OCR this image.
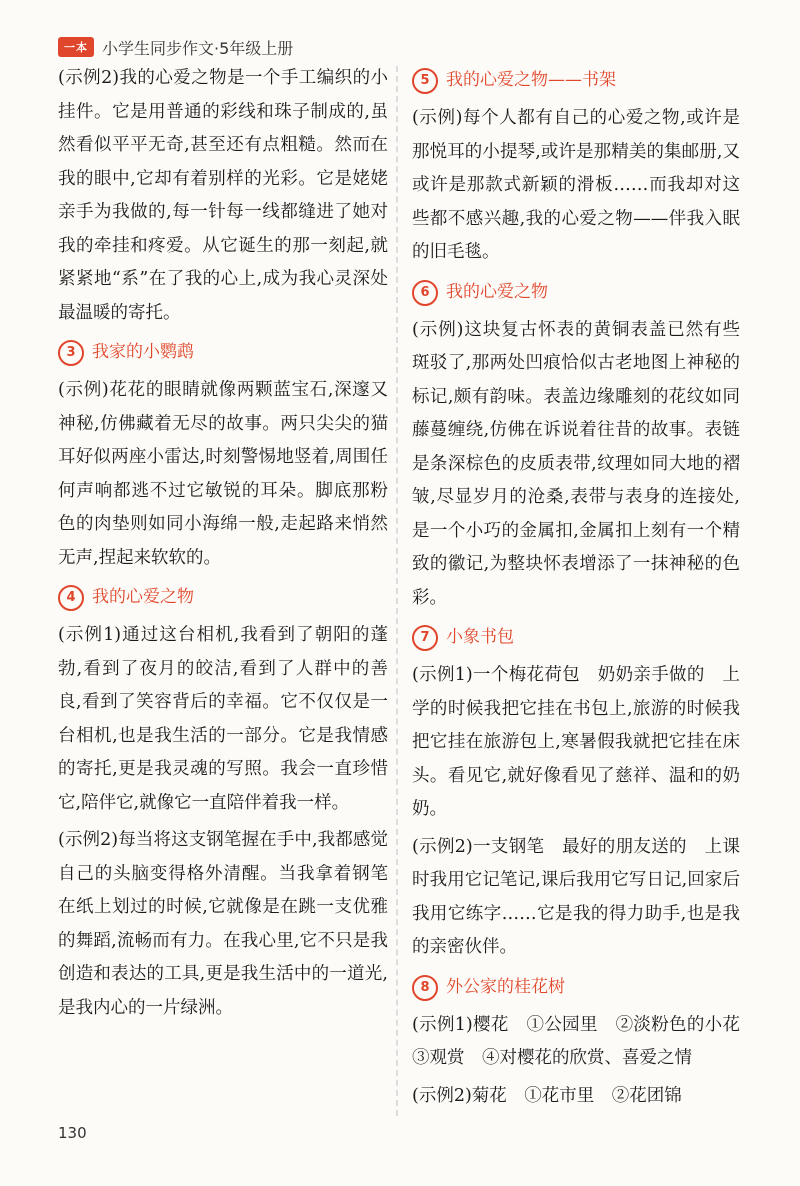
一本 小学生同步作文·5年级上册

(示例2)我的心爱之物是一个手工编织的小挂件。它是用普通的彩线和珠子制成的,虽然看似平平无奇,甚至还有点粗糙。然而在我的眼中,它却有着别样的光彩。它是姥姥亲手为我做的,每一针每一线都缝进了她对我的牵挂和疼爱。从它诞生的那一刻起,就紧紧地“系”在了我的心上,成为我心灵深处最温暖的寄托。

3 我家的小鹦鹉

(示例)花花的眼睛就像两颗蓝宝石,深邃又神秘,仿佛藏着无尽的故事。两只尖尖的猫耳好似两座小雷达,时刻警惕地竖着,周围任何声响都逃不过它敏锐的耳朵。脚底那粉色的肉垫则如同小海绵一般,走起路来悄然无声,捏起来软软的。

4 我的心爱之物

(示例1)通过这台相机,我看到了朝阳的蓬勃,看到了夜月的皎洁,看到了人群中的善良,看到了笑容背后的幸福。它不仅仅是一台相机,也是我生活的一部分。它是我情感的寄托,更是我灵魂的写照。我会一直珍惜它,陪伴它,就像它一直陪伴着我一样。

(示例2)每当将这支钢笔握在手中,我都感觉自己的头脑变得格外清醒。当我拿着钢笔在纸上划过的时候,它就像是在跳一支优雅的舞蹈,流畅而有力。在我心里,它不只是我创造和表达的工具,更是我生活中的一道光,是我内心的一片绿洲。

5 我的心爱之物——书架

(示例)每个人都有自己的心爱之物,或许是那悦耳的小提琴,或许是那精美的集邮册,又或许是那款式新颖的滑板……而我却对这些都不感兴趣,我的心爱之物——伴我入眠的旧毛毯。

6 我的心爱之物

(示例)这块复古怀表的黄铜表盖已然有些斑驳了,那两处凹痕恰似古老地图上神秘的标记,颇有韵味。表盖边缘雕刻的花纹如同藤蔓缠绕,仿佛在诉说着往昔的故事。表链是条深棕色的皮质表带,纹理如同大地的褶皱,尽显岁月的沧桑,表带与表身的连接处,是一个小巧的金属扣,金属扣上刻有一个精致的徽记,为整块怀表增添了一抹神秘的色彩。

7 小象书包

(示例1)一个梅花荷包　奶奶亲手做的　上学的时候我把它挂在书包上,旅游的时候我把它挂在旅游包上,寒暑假我就把它挂在床头。看见它,就好像看见了慈祥、温和的奶奶。

(示例2)一支钢笔　最好的朋友送的　上课时我用它记笔记,课后我用它写日记,回家后我用它练字……它是我的得力助手,也是我的亲密伙伴。

8 外公家的桂花树

(示例1)樱花　①公园里　②淡粉色的小花　③观赏　④对樱花的欣赏、喜爱之情

(示例2)菊花　①花市里　②花团锦

130
